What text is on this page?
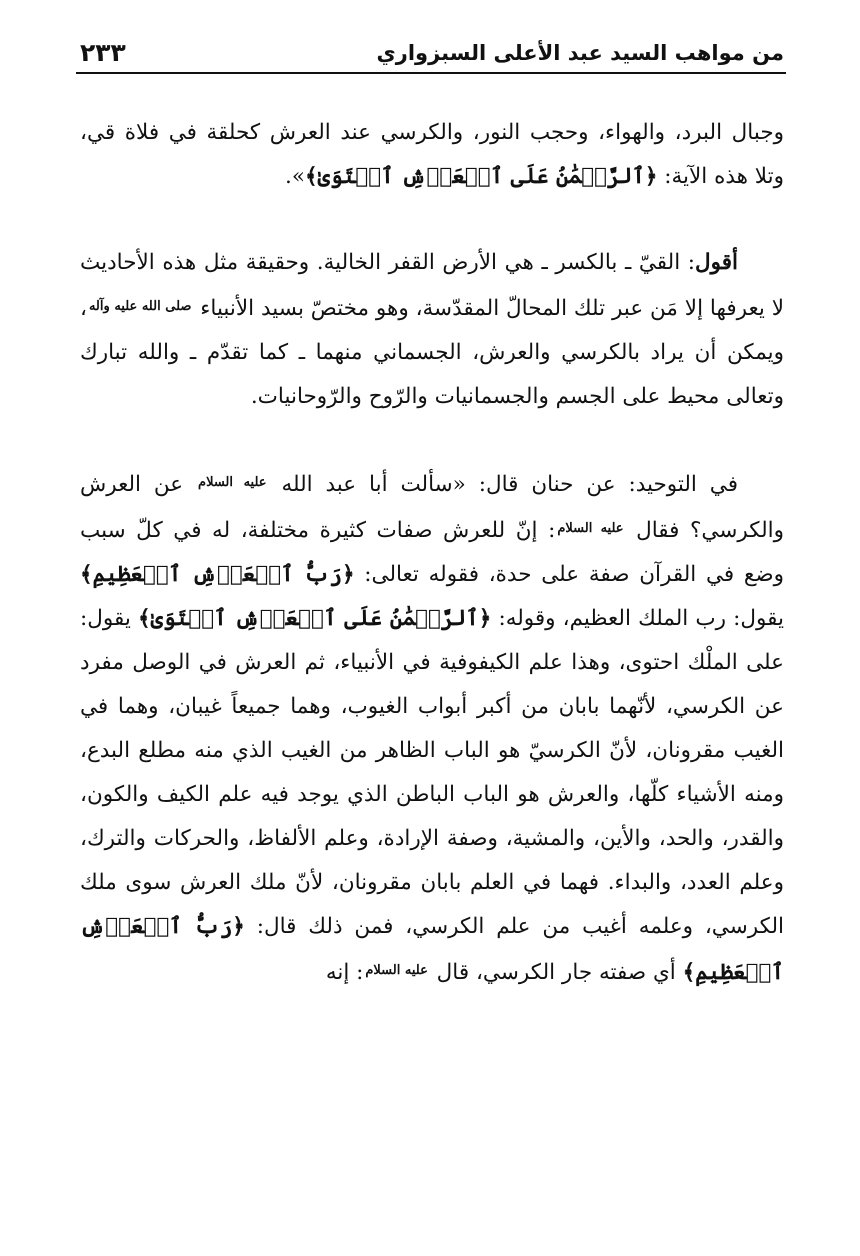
من مواهب السيد عبد الأعلى السبزواري
٢٣٣

وجبال البرد، والهواء، وحجب النور، والكرسي عند العرش كحلقة في فلاة قي، وتلا هذه الآية: ﴿ٱلرَّحۡمَٰنُ عَلَى ٱلۡعَرۡشِ ٱسۡتَوَىٰ﴾».

أقول: القيّ ـ بالكسر ـ هي الأرض القفر الخالية. وحقيقة مثل هذه الأحاديث لا يعرفها إلا مَن عبر تلك المحالّ المقدّسة، وهو مختصّ بسيد الأنبياء $^{صلى الله عليه وآله}$، ويمكن أن يراد بالكرسي والعرش، الجسماني منهما ـ كما تقدّم ـ والله تبارك وتعالى محيط على الجسم والجسمانيات والرّوح والرّوحانيات.

في التوحيد: عن حنان قال: «سألت أبا عبد الله $^{عليه السلام}$ عن العرش والكرسي؟ فقال $^{عليه السلام}$: إنّ للعرش صفات كثيرة مختلفة، له في كلّ سبب وضع في القرآن صفة على حدة، فقوله تعالى: ﴿رَبُّ ٱلۡعَرۡشِ ٱلۡعَظِيمِ﴾ يقول: رب الملك العظيم، وقوله: ﴿ٱلرَّحۡمَٰنُ عَلَى ٱلۡعَرۡشِ ٱسۡتَوَىٰ﴾ يقول: على الملْك احتوى، وهذا علم الكيفوفية في الأنبياء، ثم العرش في الوصل مفرد عن الكرسي، لأنّهما بابان من أكبر أبواب الغيوب، وهما جميعاً غيبان، وهما في الغيب مقرونان، لأنّ الكرسيّ هو الباب الظاهر من الغيب الذي منه مطلع البدع، ومنه الأشياء كلّها، والعرش هو الباب الباطن الذي يوجد فيه علم الكيف والكون، والقدر، والحد، والأين، والمشية، وصفة الإرادة، وعلم الألفاظ، والحركات والترك، وعلم العدد، والبداء. فهما في العلم بابان مقرونان، لأنّ ملك العرش سوى ملك الكرسي، وعلمه أغيب من علم الكرسي، فمن ذلك قال: ﴿رَبُّ ٱلۡعَرۡشِ ٱلۡعَظِيمِ﴾ أي صفته جار الكرسي، قال $^{عليه السلام}$: إنه
